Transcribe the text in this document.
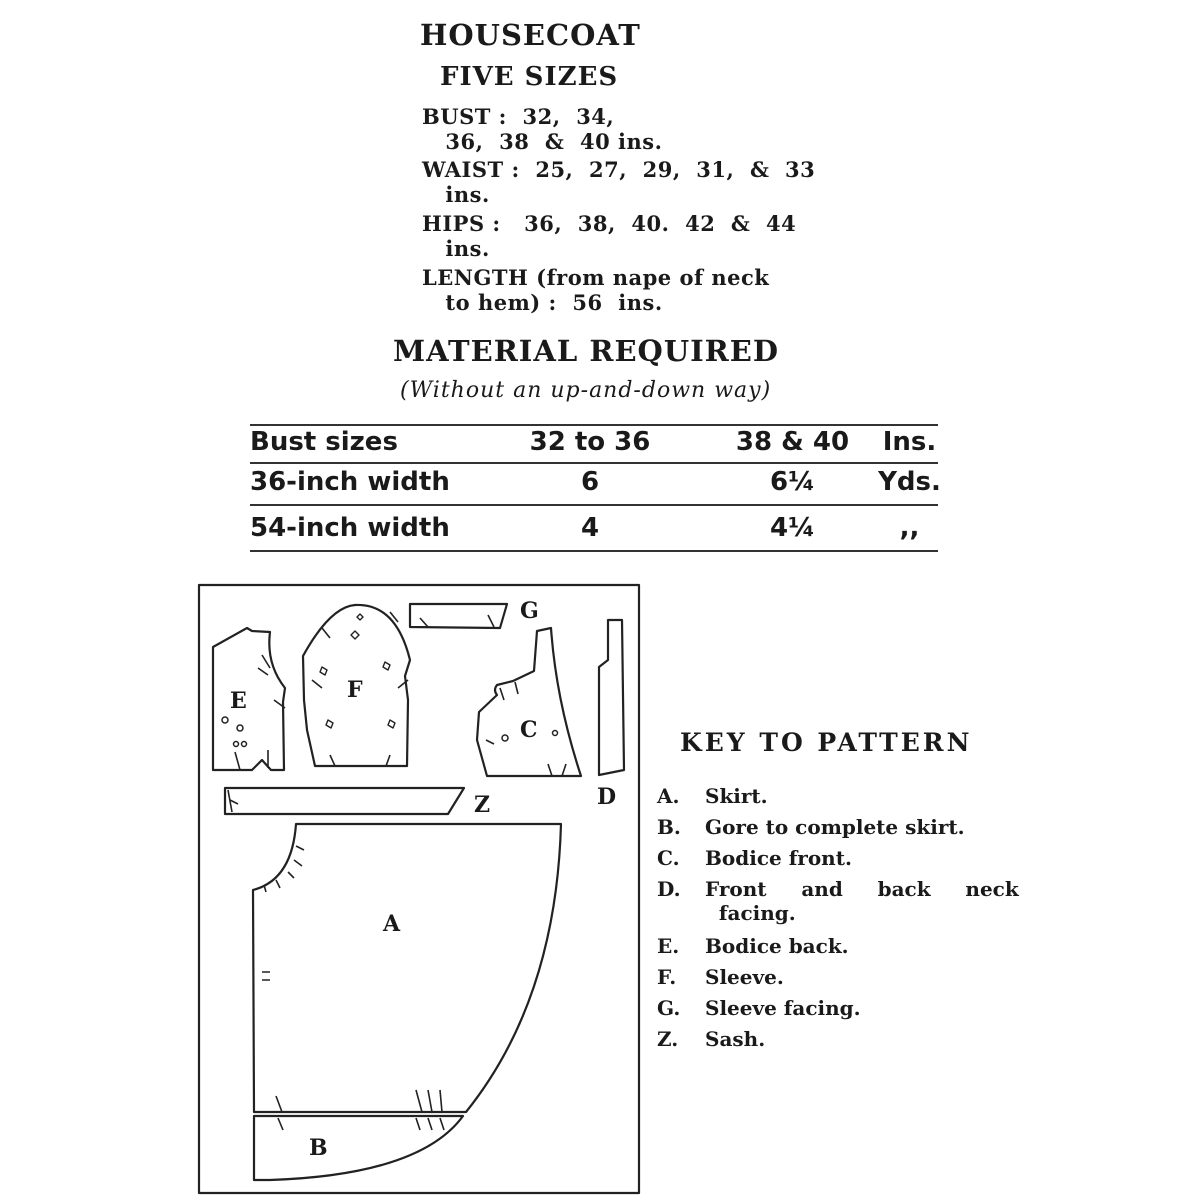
HOUSECOAT
FIVE SIZES
BUST :  32,  34,
36,  38  &  40 ins.
WAIST :  25,  27,  29,  31,  &  33
ins.
HIPS :   36,  38,  40.  42  &  44
ins.
LENGTH (from nape of neck
to hem) :  56  ins.
MATERIAL REQUIRED
(Without an up-and-down way)
Bust sizes	32 to 36	38 & 40	Ins.
36-inch width	6	6¼	Yds.
54-inch width	4	4¼	,,
E	F
G
C
D
Z
A
B
KEY TO PATTERN
A.	Skirt.
B.	Gore to complete skirt.
C.	Bodice front.
D.	Front     and     back     neck
facing.
E.	Bodice back.
F.	Sleeve.
G.	Sleeve facing.
Z.	Sash.
